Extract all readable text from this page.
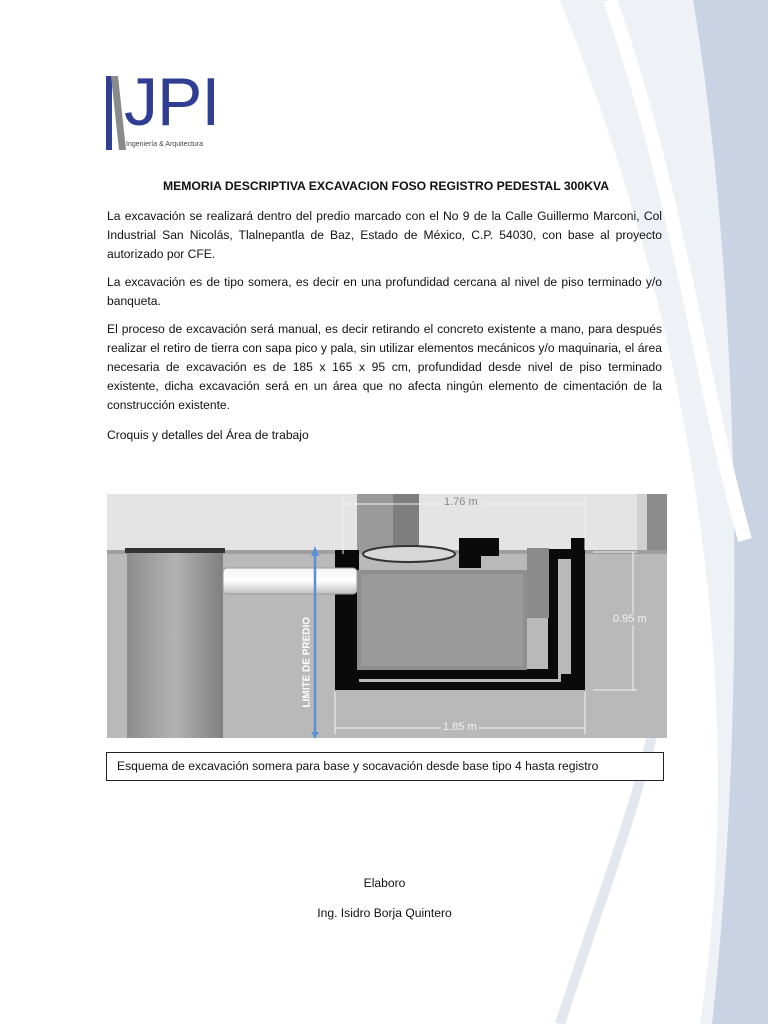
JPI
Ingeniería & Arquitectura
MEMORIA DESCRIPTIVA EXCAVACION FOSO REGISTRO PEDESTAL 300KVA
La excavación se realizará dentro del predio marcado con el No 9 de la Calle Guillermo Marconi, Col Industrial San Nicolás, Tlalnepantla de Baz, Estado de México, C.P. 54030, con base al proyecto autorizado por CFE.
La excavación es de tipo somera, es decir en una profundidad cercana al nivel de piso terminado y/o banqueta.
El proceso de excavación será manual, es decir retirando el concreto existente a mano, para después realizar el retiro de tierra con sapa pico y pala, sin utilizar elementos mecánicos y/o maquinaria, el área necesaria de excavación es de 185 x 165 x 95 cm, profundidad desde nivel de piso terminado existente, dicha excavación será en un área que no afecta ningún elemento de cimentación de la construcción existente.
Croquis y detalles del Área de trabajo
1.76 m
0.95 m
1.85 m
LIMITE DE PREDIO
Esquema de excavación somera para base y socavación desde base tipo 4 hasta registro
Elaboro
Ing. Isidro Borja Quintero
